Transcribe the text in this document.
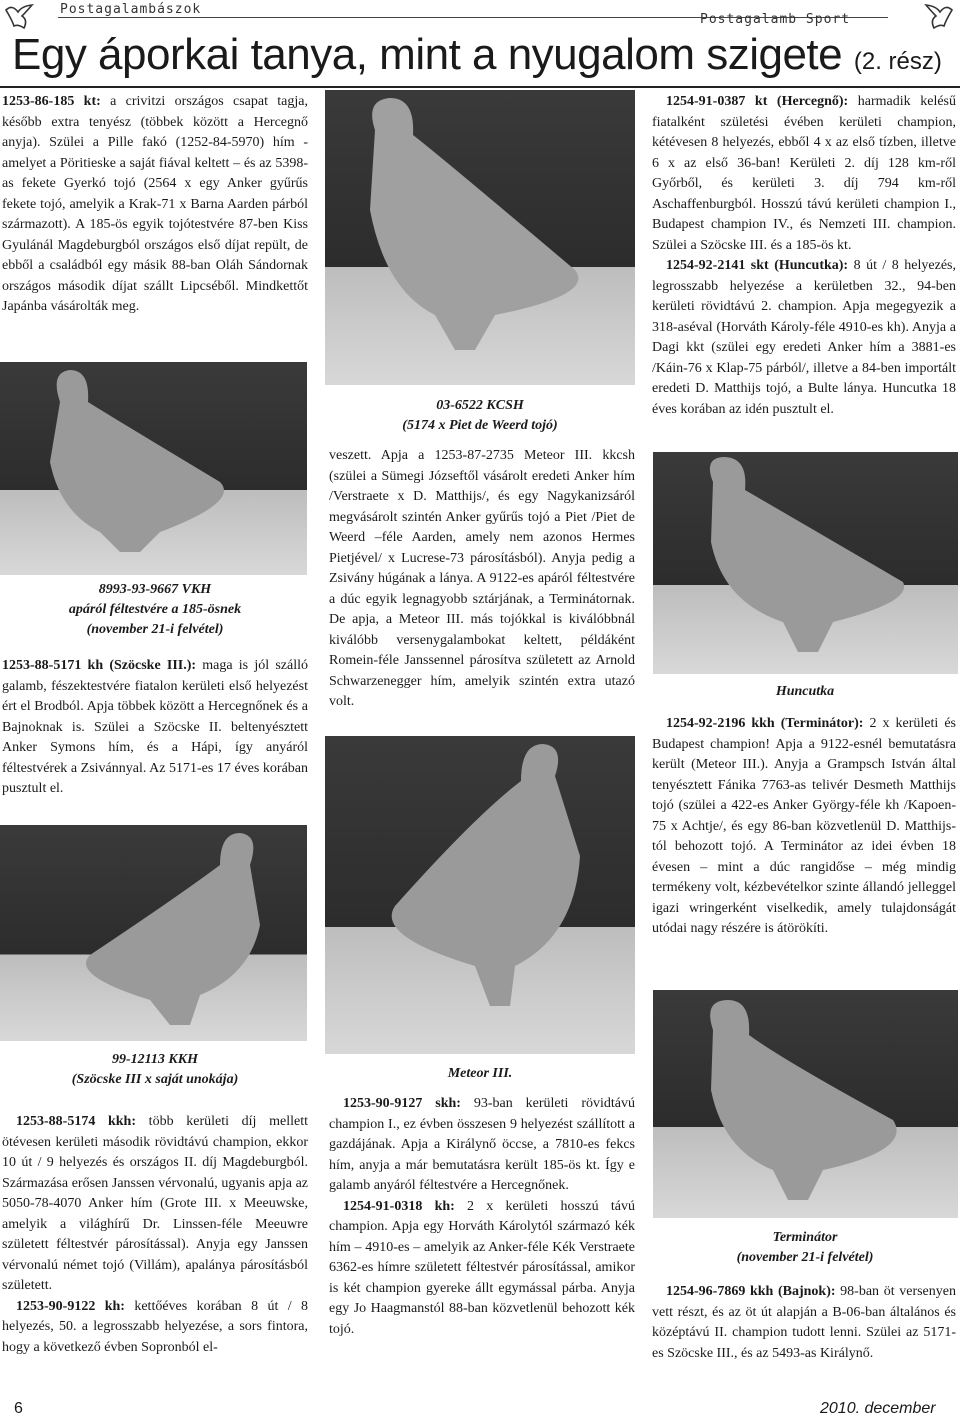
Postagalambászok
Postagalamb Sport
Egy áporkai tanya, mint a nyugalom szigete (2. rész)

1253-86-185 kt: a crivitzi országos csapat tagja, később extra tenyész (többek között a Hercegnő anyja). Szülei a Pille fakó (1252-84-5970) hím - amelyet a Pöritieske a saját fiával keltett – és az 5398-as fekete Gyerkó tojó (2564 x egy Anker gyűrűs fekete tojó, amelyik a Krak-71 x Barna Aarden párból származott). A 185-ös egyik tojótestvére 87-ben Kiss Gyulánál Magdeburgból országos első díjat repült, de ebből a családból egy másik 88-ban Oláh Sándornak országos második díjat szállt Lipcséből. Mindkettőt Japánba vásárolták meg.

8993-93-9667 VKH
apáról féltestvére a 185-ösnek
(november 21-i felvétel)

1253-88-5171 kh (Szöcske III.): maga is jól szálló galamb, fészektestvére fiatalon kerületi első helyezést ért el Brodból. Apja többek között a Hercegnőnek és a Bajnoknak is. Szülei a Szöcske II. beltenyésztett Anker Symons hím, és a Hápi, így anyáról féltestvérek a Zsivánnyal. Az 5171-es 17 éves korában pusztult el.

99-12113 KKH
(Szöcske III x saját unokája)

1253-88-5174 kkh: több kerületi díj mellett ötévesen kerületi második rövidtávú champion, ekkor 10 út / 9 helyezés és országos II. díj Magdeburgból. Származása erősen Janssen vérvonalú, ugyanis apja az 5050-78-4070 Anker hím (Grote III. x Meeuwske, amelyik a világhírű Dr. Linssen-féle Meeuwre született féltestvér párosítással). Anyja egy Janssen vérvonalú német tojó (Villám), apalánya párosításból született.

1253-90-9122 kh: kettőéves korában 8 út / 8 helyezés, 50. a legrosszabb helyezése, a sors fintora, hogy a következő évben Sopronból el-

03-6522 KCSH
(5174 x Piet de Weerd tojó)

veszett. Apja a 1253-87-2735 Meteor III. kkcsh (szülei a Sümegi Józseftől vásárolt eredeti Anker hím /Verstraete x D. Matthijs/, és egy Nagykanizsáról megvásárolt szintén Anker gyűrűs tojó a Piet /Piet de Weerd –féle Aarden, amely nem azonos Hermes Pietjével/ x Lucrese-73 párosításból). Anyja pedig a Zsivány húgának a lánya. A 9122-es apáról féltestvére a dúc egyik legnagyobb sztárjának, a Terminátornak. De apja, a Meteor III. más tojókkal is kiválóbbnál kiválóbb versenygalambokat keltett, példáként Romein-féle Janssennel párosítva született az Arnold Schwarzenegger hím, amelyik szintén extra utazó volt.

Meteor III.

1253-90-9127 skh: 93-ban kerületi rövidtávú champion I., ez évben összesen 9 helyezést szállított a gazdájának. Apja a Királynő öccse, a 7810-es fekcs hím, anyja a már bemutatásra került 185-ös kt. Így e galamb anyáról féltestvére a Hercegnőnek.

1254-91-0318 kh: 2 x kerületi hosszú távú champion. Apja egy Horváth Károlytól származó kék hím – 4910-es – amelyik az Anker-féle Kék Verstraete 6362-es hímre született féltestvér párosítással, amikor is két champion gyereke állt egymással párba. Anyja egy Jo Haagmanstól 88-ban közvetlenül behozott kék tojó.

1254-91-0387 kt (Hercegnő): harmadik kelésű fiatalként születési évében kerületi champion, kétévesen 8 helyezés, ebből 4 x az első tízben, illetve 6 x az első 36-ban! Kerületi 2. díj 128 km-ről Győrből, és kerületi 3. díj 794 km-ről Aschaffenburgból. Hosszú távú kerületi champion I., Budapest champion IV., és Nemzeti III. champion. Szülei a Szöcske III. és a 185-ös kt.

1254-92-2141 skt (Huncutka): 8 út / 8 helyezés, legrosszabb helyezése a kerületben 32., 94-ben kerületi rövidtávú 2. champion. Apja megegyezik a 318-aséval (Horváth Károly-féle 4910-es kh). Anyja a Dagi kkt (szülei egy eredeti Anker hím a 3881-es /Káin-76 x Klap-75 párból/, illetve a 84-ben importált eredeti D. Matthijs tojó, a Bulte lánya. Huncutka 18 éves korában az idén pusztult el.

Huncutka

1254-92-2196 kkh (Terminátor): 2 x kerületi és Budapest champion! Apja a 9122-esnél bemutatásra került (Meteor III.). Anyja a Grampsch István által tenyésztett Fánika 7763-as telivér Desmeth Matthijs tojó (szülei a 422-es Anker György-féle kh /Kapoen-75 x Achtje/, és egy 86-ban közvetlenül D. Matthijs-tól behozott tojó. A Terminátor az idei évben 18 évesen – mint a dúc rangidőse – még mindig termékeny volt, kézbevételkor szinte állandó jelleggel igazi wringerként viselkedik, amely tulajdonságát utódai nagy részére is átörökíti.

Terminátor
(november 21-i felvétel)

1254-96-7869 kkh (Bajnok): 98-ban öt versenyen vett részt, és az öt út alapján a B-06-ban általános és középtávú II. champion tudott lenni. Szülei az 5171-es Szöcske III., és az 5493-as Királynő.

6	2010. december
